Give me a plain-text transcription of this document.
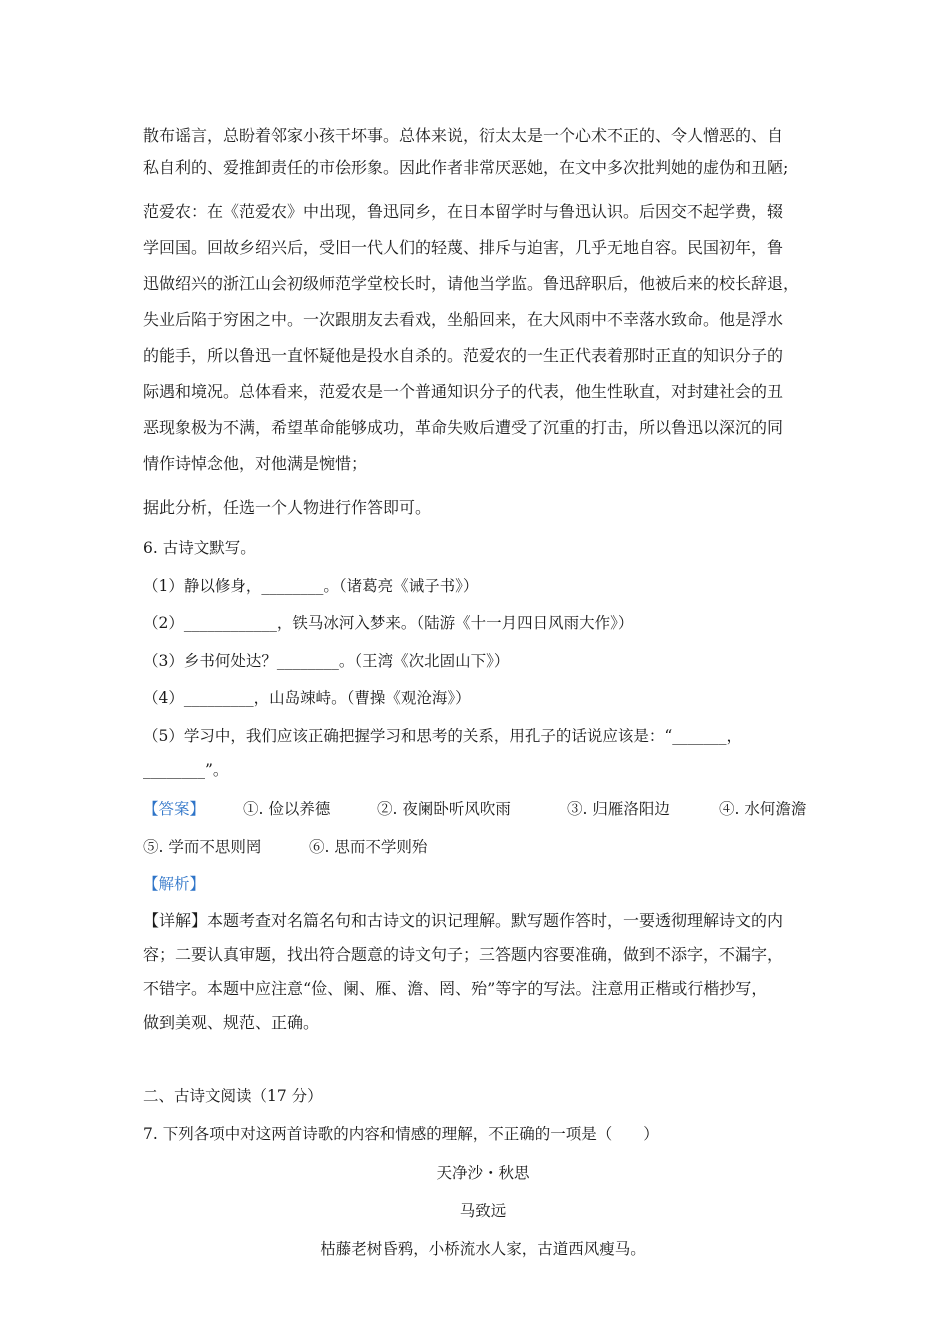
散布谣言，总盼着邻家小孩干坏事。总体来说，衍太太是一个心术不正的、令人憎恶的、自

私自利的、爱推卸责任的市侩形象。因此作者非常厌恶她，在文中多次批判她的虚伪和丑陋;

范爱农：在《范爱农》中出现，鲁迅同乡，在日本留学时与鲁迅认识。后因交不起学费，辍

学回国。回故乡绍兴后，受旧一代人们的轻蔑、排斥与迫害，几乎无地自容。民国初年，鲁

迅做绍兴的浙江山会初级师范学堂校长时，请他当学监。鲁迅辞职后，他被后来的校长辞退，

失业后陷于穷困之中。一次跟朋友去看戏，坐船回来，在大风雨中不幸落水致命。他是浮水

的能手，所以鲁迅一直怀疑他是投水自杀的。范爱农的一生正代表着那时正直的知识分子的

际遇和境况。总体看来，范爱农是一个普通知识分子的代表，他生性耿直，对封建社会的丑

恶现象极为不满，希望革命能够成功，革命失败后遭受了沉重的打击，所以鲁迅以深沉的同

情作诗悼念他，对他满是惋惜；

据此分析，任选一个人物进行作答即可。

6. 古诗文默写。

（1）静以修身，________。（诸葛亮《诫子书》）

（2）____________，铁马冰河入梦来。（陆游《十一月四日风雨大作》）

（3）乡书何处达？________。（王湾《次北固山下》）

（4）_________，山岛竦峙。（曹操《观沧海》）

（5）学习中，我们应该正确把握学习和思考的关系，用孔子的话说应该是：“_______，

________”。

【答案】	①. 俭以养德	②. 夜阑卧听风吹雨	③. 归雁洛阳边	④. 水何澹澹
⑤. 学而不思则罔	⑥. 思而不学则殆

【解析】

【详解】本题考查对名篇名句和古诗文的识记理解。默写题作答时，一要透彻理解诗文的内

容；二要认真审题，找出符合题意的诗文句子；三答题内容要准确，做到不添字，不漏字，

不错字。本题中应注意“俭、阑、雁、澹、罔、殆”等字的写法。注意用正楷或行楷抄写，

做到美观、规范、正确。

二、古诗文阅读（17 分）

7. 下列各项中对这两首诗歌的内容和情感的理解，不正确的一项是（　　）

天净沙・秋思

马致远

枯藤老树昏鸦，小桥流水人家，古道西风瘦马。
